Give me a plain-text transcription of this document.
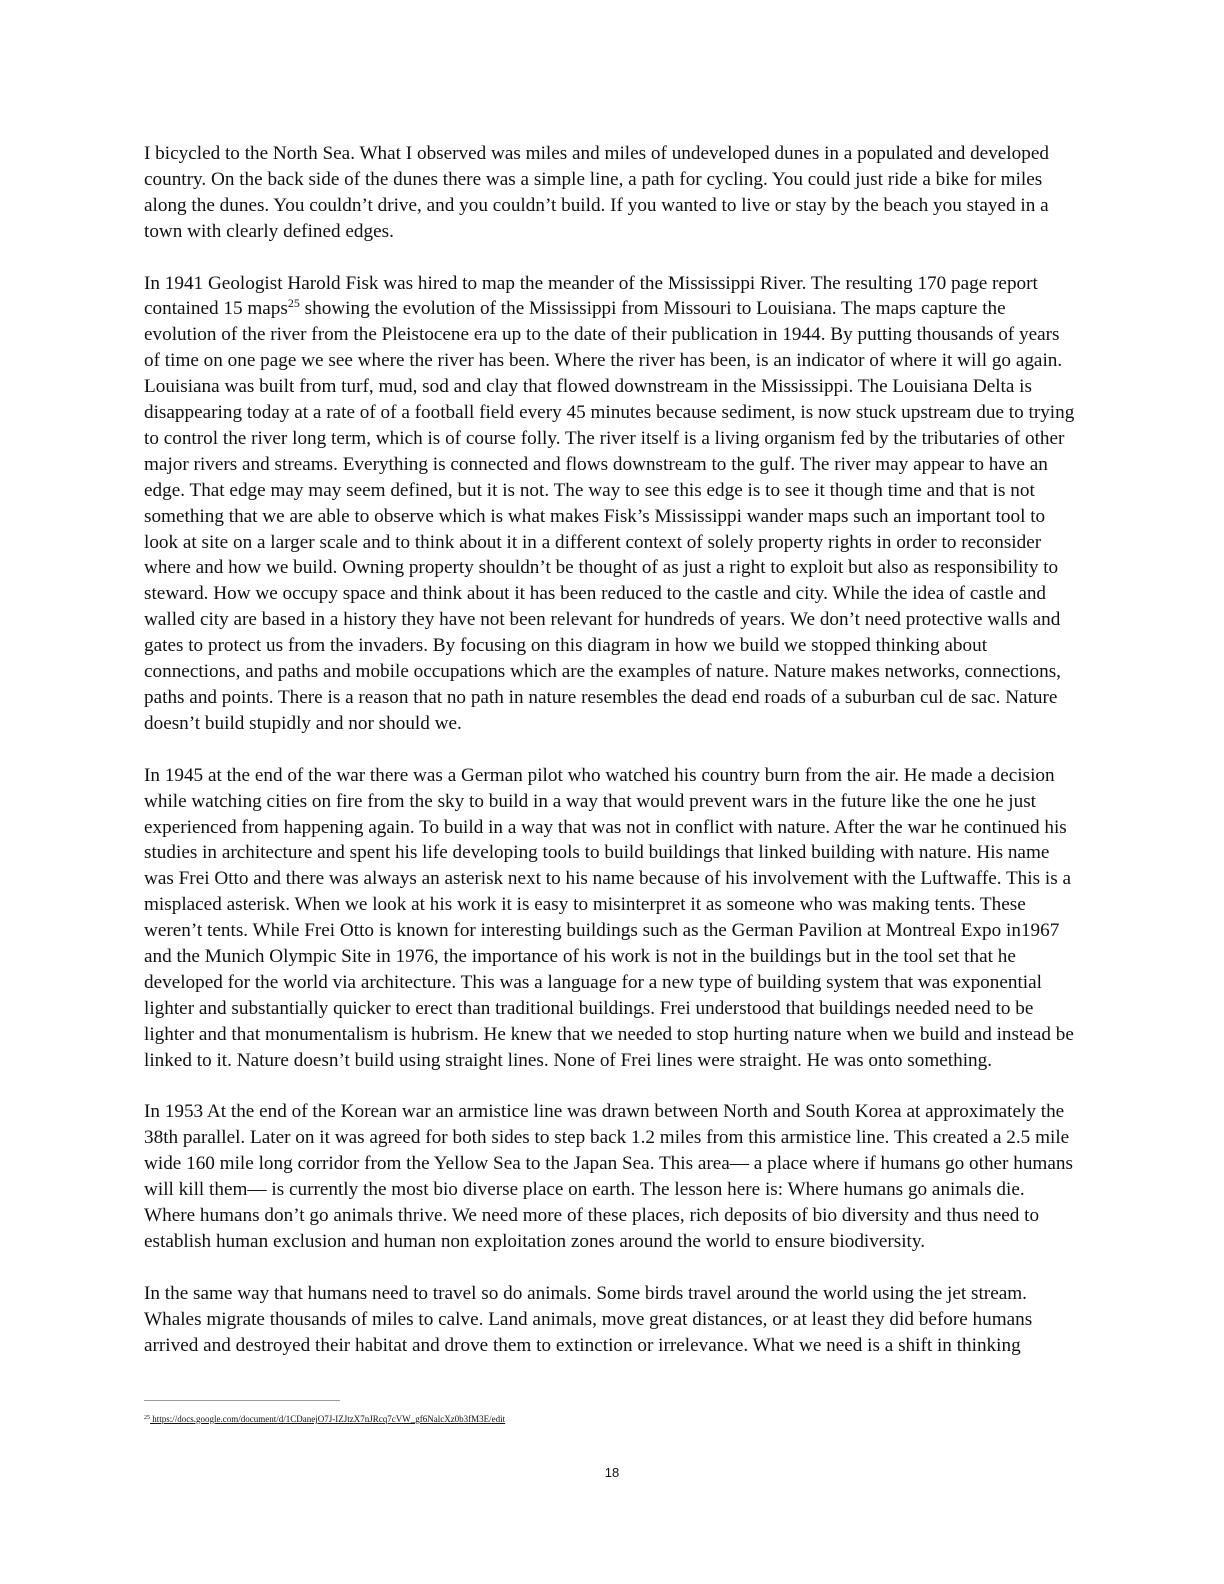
I bicycled to the North Sea. What I observed was miles and miles of undeveloped dunes in a populated and developed country. On the back side of the dunes there was a simple line, a path for cycling. You could just ride a bike for miles along the dunes. You couldn’t drive, and you couldn’t build. If you wanted to live or stay by the beach you stayed in a town with clearly defined edges.

In 1941 Geologist Harold Fisk was hired to map the meander of the Mississippi River. The resulting 170 page report contained 15 maps$^{25}$ showing the evolution of the Mississippi from Missouri to Louisiana. The maps capture the evolution of the river from the Pleistocene era up to the date of their publication in 1944. By putting thousands of years of time on one page we see where the river has been. Where the river has been, is an indicator of where it will go again. Louisiana was built from turf, mud, sod and clay that flowed downstream in the Mississippi. The Louisiana Delta is disappearing today at a rate of of a football field every 45 minutes because sediment, is now stuck upstream due to trying to control the river long term, which is of course folly. The river itself is a living organism fed by the tributaries of other major rivers and streams. Everything is connected and flows downstream to the gulf. The river may appear to have an edge. That edge may may seem defined, but it is not. The way to see this edge is to see it though time and that is not something that we are able to observe which is what makes Fisk’s Mississippi wander maps such an important tool to look at site on a larger scale and to think about it in a different context of solely property rights in order to reconsider where and how we build. Owning property shouldn’t be thought of as just a right to exploit but also as responsibility to steward. How we occupy space and think about it has been reduced to the castle and city. While the idea of castle and walled city are based in a history they have not been relevant for hundreds of years. We don’t need protective walls and gates to protect us from the invaders. By focusing on this diagram in how we build we stopped thinking about connections, and paths and mobile occupations which are the examples of nature. Nature makes networks, connections, paths and points. There is a reason that no path in nature resembles the dead end roads of a suburban cul de sac. Nature doesn’t build stupidly and nor should we.

In 1945 at the end of the war there was a German pilot who watched his country burn from the air. He made a decision while watching cities on fire from the sky to build in a way that would prevent wars in the future like the one he just experienced from happening again. To build in a way that was not in conflict with nature. After the war he continued his studies in architecture and spent his life developing tools to build buildings that linked building with nature. His name was Frei Otto and there was always an asterisk next to his name because of his involvement with the Luftwaffe. This is a misplaced asterisk. When we look at his work it is easy to misinterpret it as someone who was making tents. These weren’t tents. While Frei Otto is known for interesting buildings such as the German Pavilion at Montreal Expo in1967 and the Munich Olympic Site in 1976, the importance of his work is not in the buildings but in the tool set that he developed for the world via architecture. This was a language for a new type of building system that was exponential lighter and substantially quicker to erect than traditional buildings. Frei understood that buildings needed need to be lighter and that monumentalism is hubrism. He knew that we needed to stop hurting nature when we build and instead be linked to it. Nature doesn’t build using straight lines. None of Frei lines were straight. He was onto something.

In 1953 At the end of the Korean war an armistice line was drawn between North and South Korea at approximately the 38th parallel. Later on it was agreed for both sides to step back 1.2 miles from this armistice line. This created a 2.5 mile wide 160 mile long corridor from the Yellow Sea to the Japan Sea. This area— a place where if humans go other humans will kill them— is currently the most bio diverse place on earth. The lesson here is: Where humans go animals die. Where humans don’t go animals thrive. We need more of these places, rich deposits of bio diversity and thus need to establish human exclusion and human non exploitation zones around the world to ensure biodiversity.

In the same way that humans need to travel so do animals. Some birds travel around the world using the jet stream. Whales migrate thousands of miles to calve. Land animals, move great distances, or at least they did before humans arrived and destroyed their habitat and drove them to extinction or irrelevance. What we need is a shift in thinking

$^{25}$ https://docs.google.com/document/d/1CDanejO7J-IZJtzX7nJRcq7cVW_gf6NalcXz0b3fM3E/edit
18
